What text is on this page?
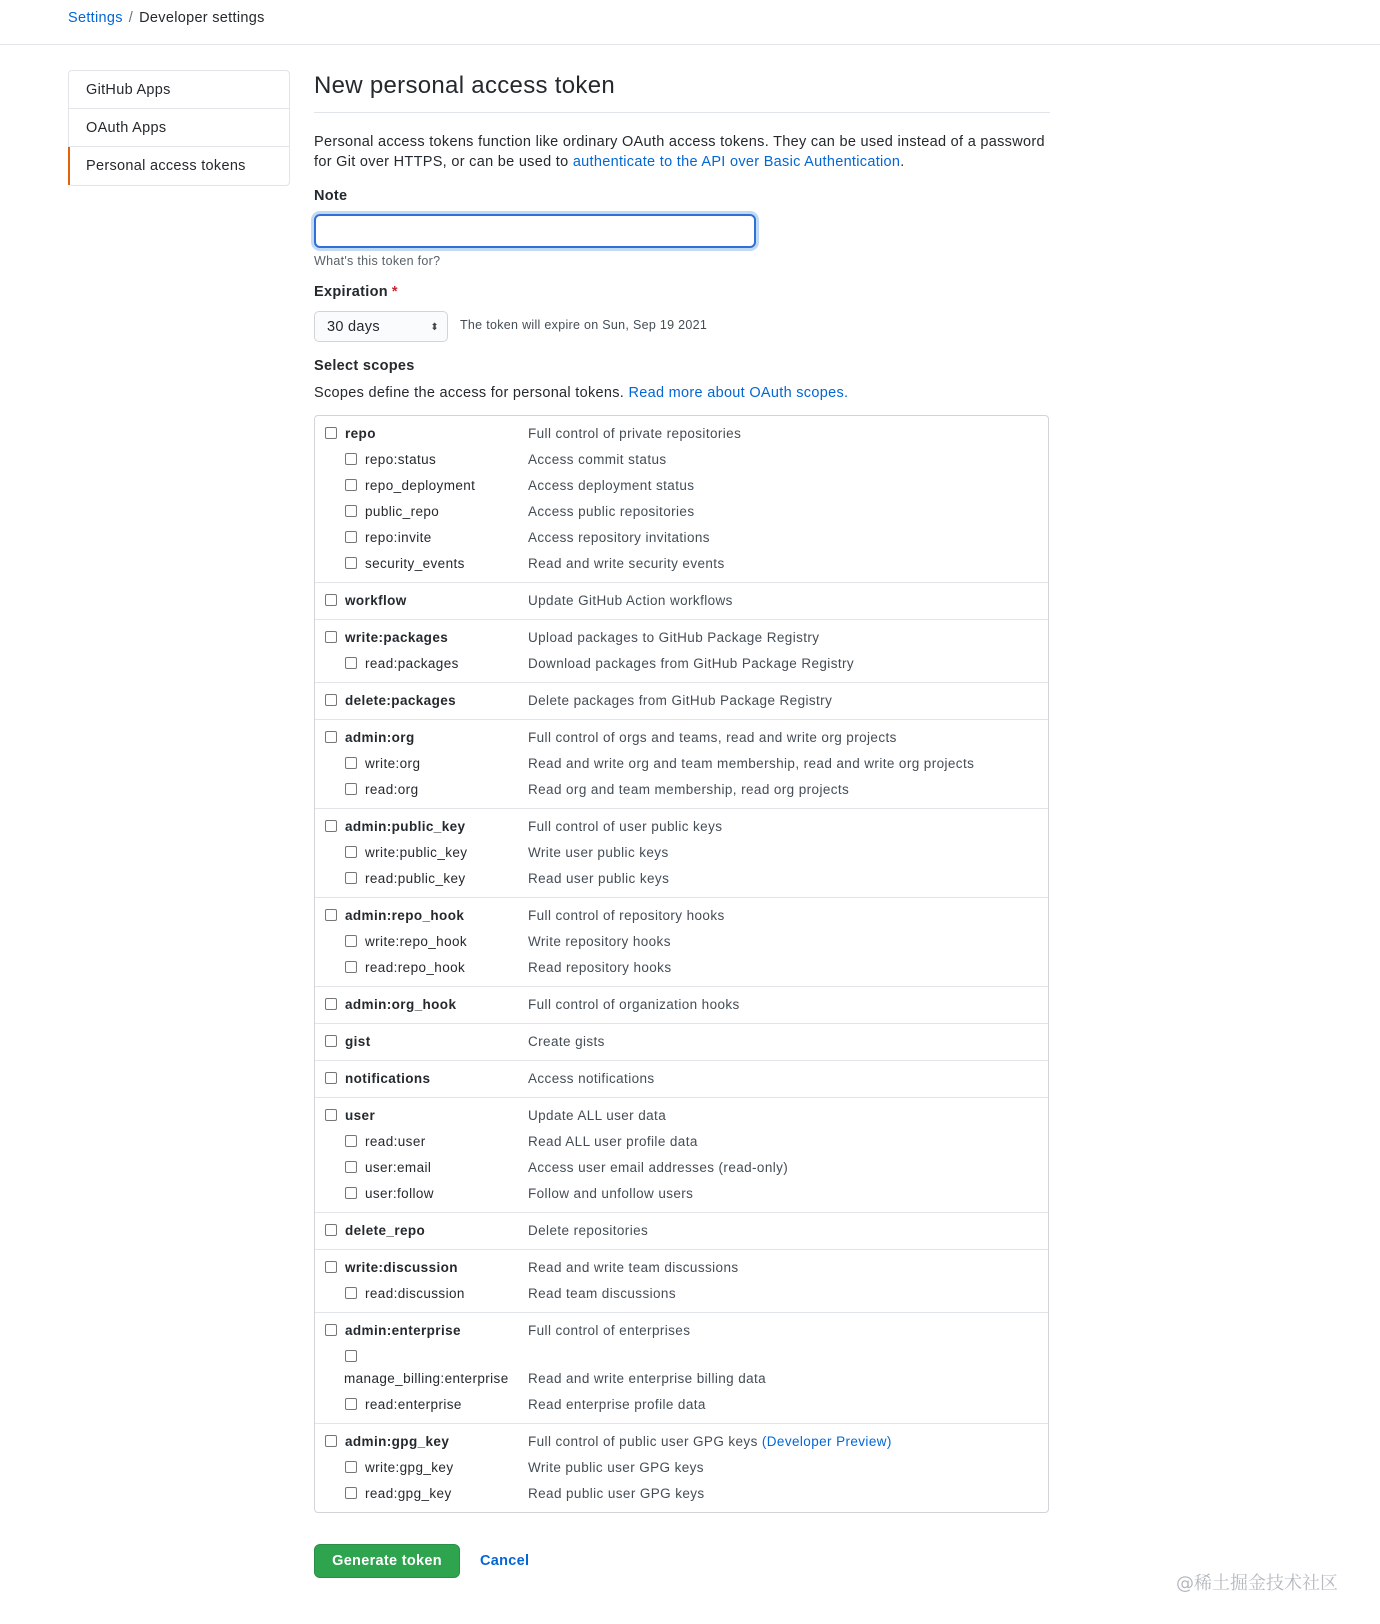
Settings / Developer settings
GitHub Apps
OAuth Apps
Personal access tokens
New personal access token

Personal access tokens function like ordinary OAuth access tokens. They can be used instead of a password for Git over HTTPS, or can be used to authenticate to the API over Basic Authentication.

Note
What's this token for?
Expiration *
30 days	⬍ The token will expire on Sun, Sep 19 2021
Select scopes
Scopes define the access for personal tokens. Read more about OAuth scopes.
repo	Full control of private repositories
repo:status	Access commit status
repo_deployment	Access deployment status
public_repo	Access public repositories
repo:invite	Access repository invitations
security_events	Read and write security events
workflow	Update GitHub Action workflows
write:packages	Upload packages to GitHub Package Registry
read:packages	Download packages from GitHub Package Registry
delete:packages	Delete packages from GitHub Package Registry
admin:org	Full control of orgs and teams, read and write org projects
write:org	Read and write org and team membership, read and write org projects
read:org	Read org and team membership, read org projects
admin:public_key	Full control of user public keys
write:public_key	Write user public keys
read:public_key	Read user public keys
admin:repo_hook	Full control of repository hooks
write:repo_hook	Write repository hooks
read:repo_hook	Read repository hooks
admin:org_hook	Full control of organization hooks
gist	Create gists
notifications	Access notifications
user	Update ALL user data
read:user	Read ALL user profile data
user:email	Access user email addresses (read-only)
user:follow	Follow and unfollow users
delete_repo	Delete repositories
write:discussion	Read and write team discussions
read:discussion	Read team discussions
admin:enterprise	Full control of enterprises
manage_billing:enterprise Read and write enterprise billing data
read:enterprise	Read enterprise profile data
admin:gpg_key	Full control of public user GPG keys (Developer Preview)
write:gpg_key	Write public user GPG keys
read:gpg_key	Read public user GPG keys
Generate token	Cancel
@稀土掘金技术社区
